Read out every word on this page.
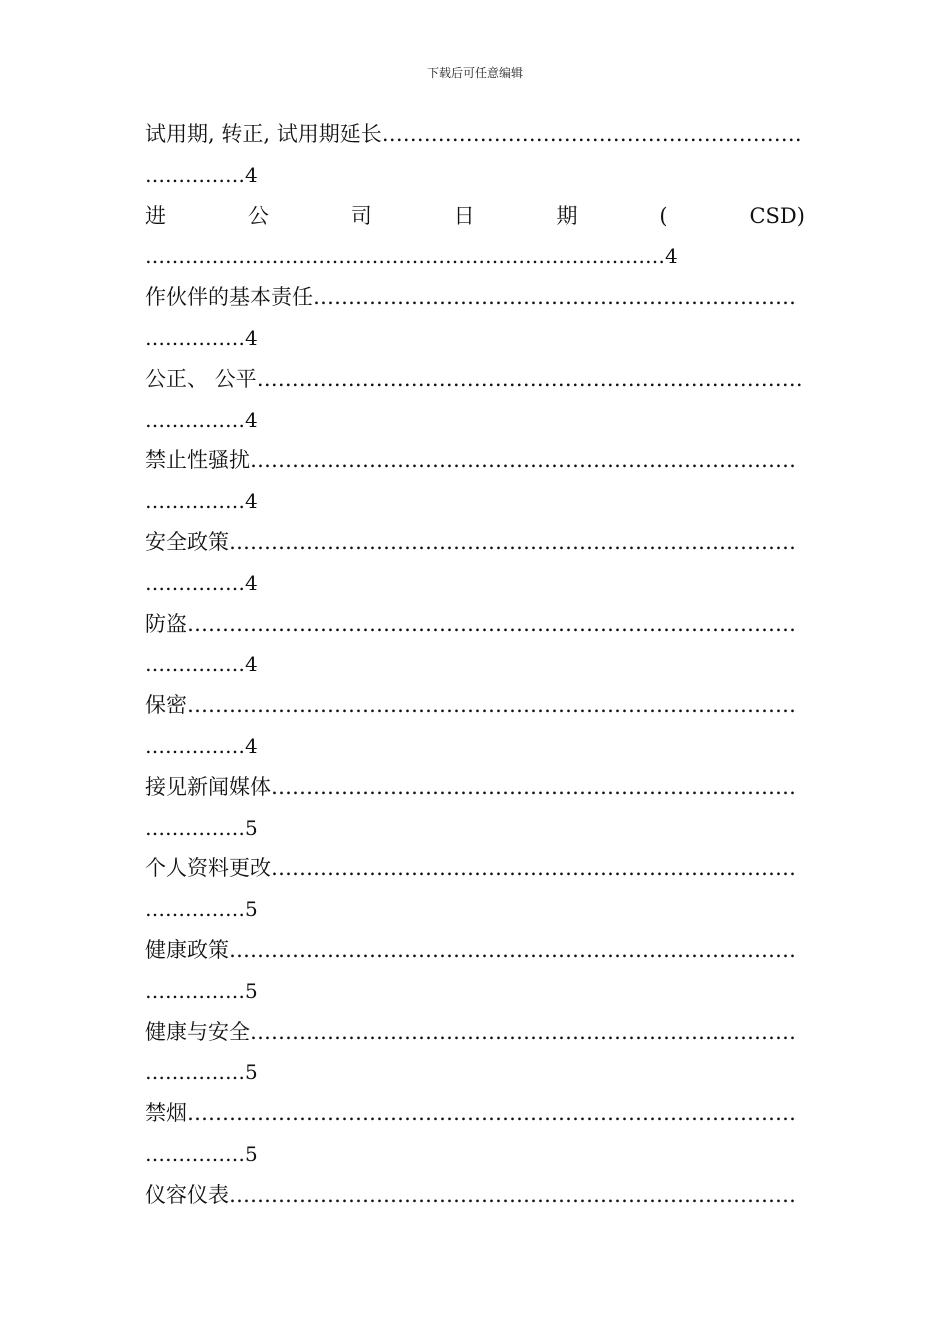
下载后可任意编辑
试用期, 转正, 试用期延长……………………………………………………
……………4
进	公	司	日	期	(	CSD)
……………………………………………………………………4
作伙伴的基本责任……………………………………………………………
……………4
公正、 公平……………………………………………………………………
……………4
禁止性骚扰……………………………………………………………………
……………4
安全政策………………………………………………………………………
……………4
防盗……………………………………………………………………………
……………4
保密……………………………………………………………………………
……………4
接见新闻媒体…………………………………………………………………
……………5
个人资料更改…………………………………………………………………
……………5
健康政策………………………………………………………………………
……………5
健康与安全……………………………………………………………………
……………5
禁烟……………………………………………………………………………
……………5
仪容仪表………………………………………………………………………
